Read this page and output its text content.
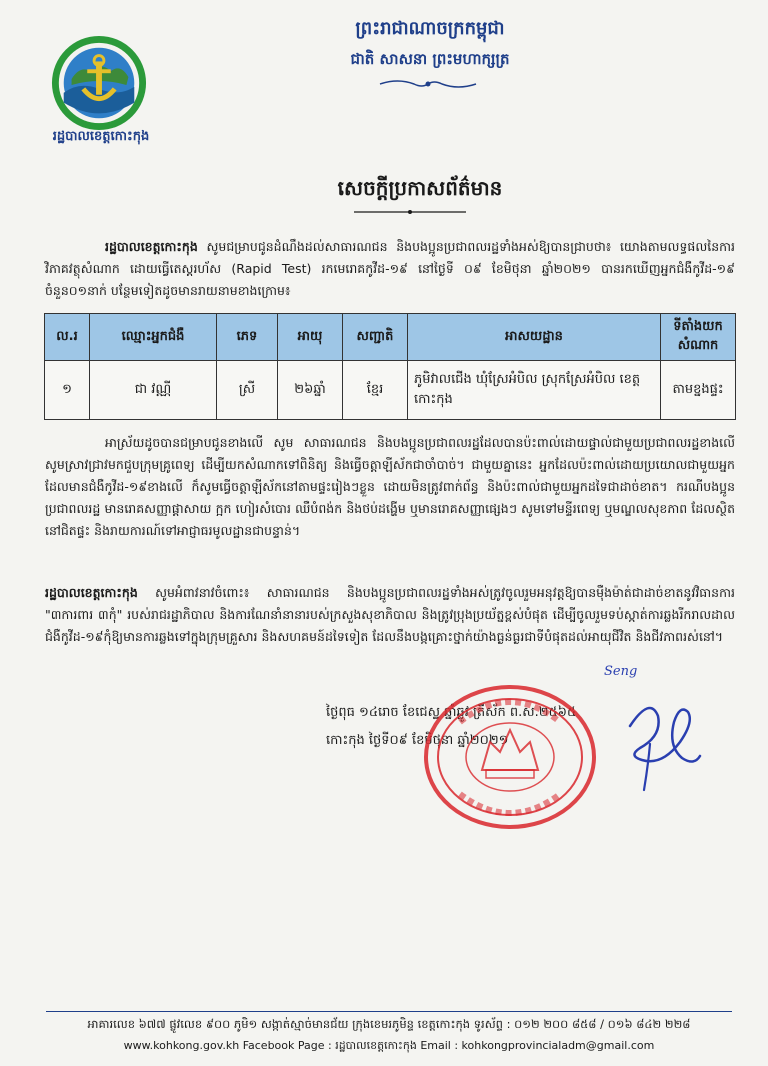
រដ្ឋបាលខេត្តកោះកុង
ព្រះរាជាណាចក្រកម្ពុជា
ជាតិ សាសនា ព្រះមហាក្សត្រ
សេចក្តីប្រកាសព័ត៌មាន
រដ្ឋបាលខេត្តកោះកុង សូមជម្រាបជូនដំណឹងដល់សាធារណជន និងបងប្អូនប្រជាពលរដ្ឋទាំងអស់ឱ្យបានជ្រាបថា៖ យោងតាមលទ្ធផលនៃការវិភាគវត្ថុសំណាក ដោយធ្វើតេស្តរហ័ស (Rapid Test) រកមេរោគកូវីដ-១៩ នៅថ្ងៃទី ០៩ ខែមិថុនា ឆ្នាំ២០២១ បានរកឃើញអ្នកជំងឺកូវីដ-១៩ ចំនួន០១នាក់ បន្ថែមទៀតដូចមានរាយនាមខាងក្រោម៖
ល.រ	ឈ្មោះអ្នកជំងឺ	ភេទ	អាយុ	សញ្ជាតិ	អាសយដ្ឋាន	ទីតាំងយកសំណាក
១	ជា វណ្ណី	ស្រី	២៦ឆ្នាំ	ខ្មែរ	ភូមិវាលជើង ឃុំស្រែអំបិល ស្រុកស្រែអំបិល ខេត្តកោះកុង	តាមខ្នងផ្ទះ
អាស្រ័យដូចបានជម្រាបជូនខាងលើ សូម សាធារណជន និងបងប្អូនប្រជាពលរដ្ឋដែលបានប៉ះពាល់ដោយផ្ទាល់ជាមួយប្រជាពលរដ្ឋខាងលើ សូមស្រាវជ្រាវមកជួបក្រុមគ្រូពេទ្យ ដើម្បីយកសំណាកទៅពិនិត្យ និងធ្វើចត្តាឡីស័កជាចាំបាច់។ ជាមួយគ្នានេះ អ្នកដែលប៉ះពាល់ដោយប្រយោលជាមួយអ្នកដែលមានជំងឺកូវីដ-១៩ខាងលើ ក៏សូមធ្វើចត្តាឡីស័កនៅតាមផ្ទះរៀងៗខ្លួន ដោយមិនត្រូវពាក់ព័ន្ធ និងប៉ះពាល់ជាមួយអ្នកដទៃជាដាច់ខាត។ ករណីបងប្អូនប្រជាពលរដ្ឋ មានរោគសញ្ញាផ្តាសាយ ក្អក ហៀរសំបោរ ឈឺបំពង់ក និងថប់ដង្ហើម ឬមានរោគសញ្ញាផ្សេងៗ សូមទៅមន្ទីរពេទ្យ ឬមណ្ឌលសុខភាព ដែលស្ថិតនៅជិតផ្ទះ និងរាយការណ៍ទៅអាជ្ញាធរមូលដ្ឋានជាបន្ទាន់។
រដ្ឋបាលខេត្តកោះកុង សូមអំពាវនាវចំពោះ៖ សាធារណជន និងបងប្អូនប្រជាពលរដ្ឋទាំងអស់ត្រូវចូលរួមអនុវត្តឱ្យបានម៉ឺងម៉ាត់ជាដាច់ខាតនូវវិធានការ "៣ការពារ ៣កុំ" របស់រាជរដ្ឋាភិបាល និងការណែនាំនានារបស់ក្រសួងសុខាភិបាល និងត្រូវប្រុងប្រយ័ត្នខ្ពស់បំផុត ដើម្បីចូលរួមទប់ស្កាត់ការឆ្លងរីករាលដាលជំងឺកូវីដ-១៩កុំឱ្យមានការឆ្លងទៅក្នុងក្រុមគ្រួសារ និងសហគមន៍ដទៃទៀត ដែលនឹងបង្កគ្រោះថ្នាក់យ៉ាងធ្ងន់ធ្ងរជាទីបំផុតដល់អាយុជីវិត និងជីវភាពរស់នៅ។
ថ្ងៃពុធ ១៤រោច ខែជេស្ឋ ឆ្នាំឆ្លូវ ត្រីស័ក ព.ស.២៥៦៥
កោះកុង ថ្ងៃទី០៩ ខែមិថុនា ឆ្នាំ២០២១
Seng
អាគារលេខ ៦៧៧ ផ្លូវលេខ ៩០០ ភូមិ១ សង្កាត់ស្មាច់មានជ័យ ក្រុងខេមរភូមិន្ទ ខេត្តកោះកុង ទូរស័ព្ទ : ០១២ ២០០ ៨៥៨ / ០១៦ ៨៤២ ២២៨
www.kohkong.gov.kh Facebook Page : រដ្ឋបាលខេត្តកោះកុង Email : kohkongprovincialadm@gmail.com
